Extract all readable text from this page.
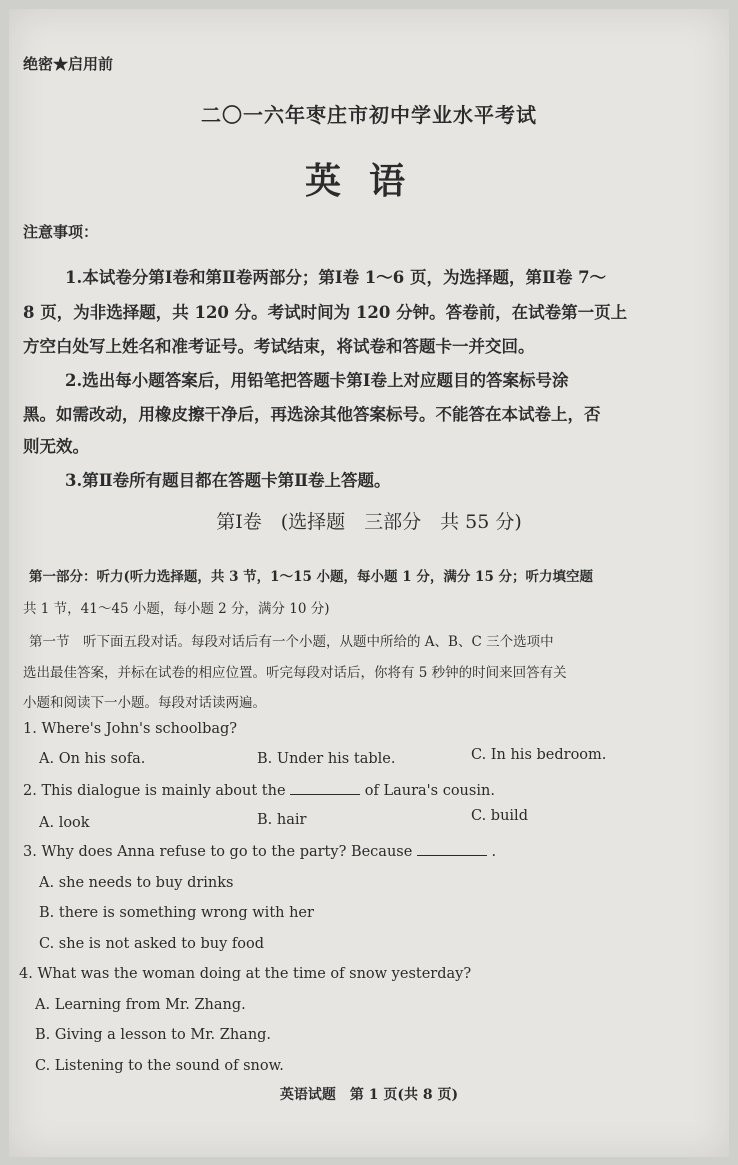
绝密★启用前
二〇一六年枣庄市初中学业水平考试
英语
注意事项：
1.本试卷分第Ⅰ卷和第Ⅱ卷两部分；第Ⅰ卷 1～6 页，为选择题，第Ⅱ卷 7～
8 页，为非选择题，共 120 分。考试时间为 120 分钟。答卷前，在试卷第一页上
方空白处写上姓名和准考证号。考试结束，将试卷和答题卡一并交回。
2.选出每小题答案后，用铅笔把答题卡第Ⅰ卷上对应题目的答案标号涂
黑。如需改动，用橡皮擦干净后，再选涂其他答案标号。不能答在本试卷上，否
则无效。
3.第Ⅱ卷所有题目都在答题卡第Ⅱ卷上答题。
第Ⅰ卷　(选择题　三部分　共 55 分)
第一部分：听力(听力选择题，共 3 节，1～15 小题，每小题 1 分，满分 15 分；听力填空题
共 1 节，41～45 小题，每小题 2 分，满分 10 分)
第一节　听下面五段对话。每段对话后有一个小题，从题中所给的 A、B、C 三个选项中
选出最佳答案，并标在试卷的相应位置。听完每段对话后，你将有 5 秒钟的时间来回答有关
小题和阅读下一小题。每段对话读两遍。
1. Where's John's schoolbag?
A. On his sofa.	B. Under his table.	C. In his bedroom.
2. This dialogue is mainly about the	of Laura's cousin.
A. look	B. hair	C. build
3. Why does Anna refuse to go to the party? Because	.
A. she needs to buy drinks
B. there is something wrong with her
C. she is not asked to buy food
4. What was the woman doing at the time of snow yesterday?
A. Learning from Mr. Zhang.
B. Giving a lesson to Mr. Zhang.
C. Listening to the sound of snow.
英语试题　第 1 页(共 8 页)
